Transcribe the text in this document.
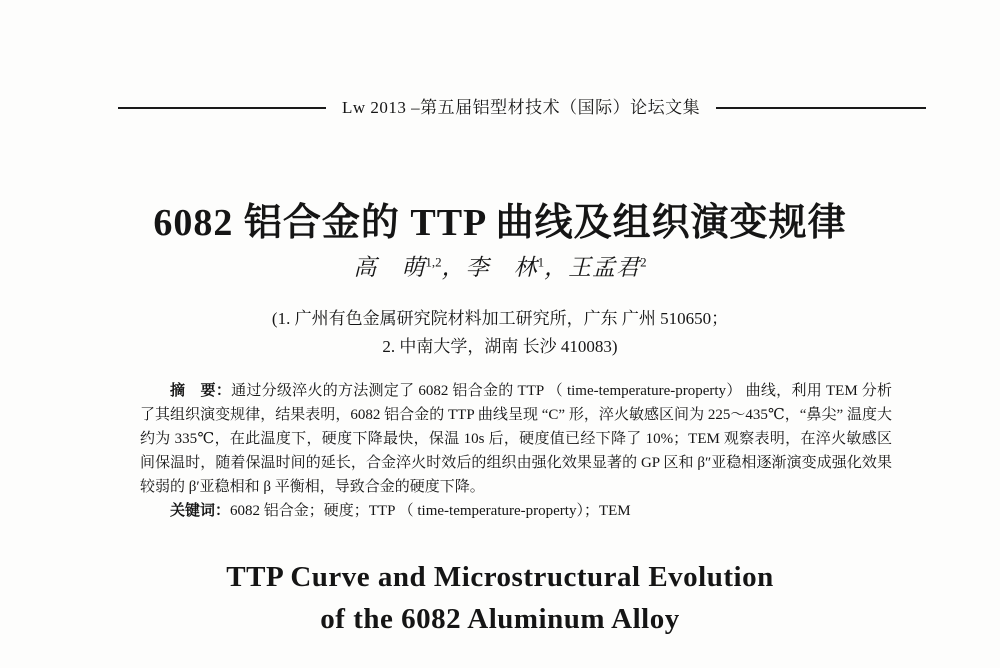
Lw 2013 –第五届铝型材技术（国际）论坛文集
6082 铝合金的 TTP 曲线及组织演变规律
高　萌$^{1,2}$，李　林$^1$，王孟君$^2$
(1. 广州有色金属研究院材料加工研究所，广东 广州 510650；
2. 中南大学，湖南 长沙 410083)

摘　要：通过分级淬火的方法测定了 6082 铝合金的 TTP （ time-temperature-property） 曲线，利用 TEM 分析了其组织演变规律，结果表明，6082 铝合金的 TTP 曲线呈现 “C” 形，淬火敏感区间为 225～435℃，“鼻尖” 温度大约为 335℃，在此温度下，硬度下降最快，保温 10s 后，硬度值已经下降了 10%；TEM 观察表明，在淬火敏感区间保温时，随着保温时间的延长，合金淬火时效后的组织由强化效果显著的 GP 区和 β″亚稳相逐渐演变成强化效果较弱的 β′亚稳相和 β 平衡相，导致合金的硬度下降。

关键词：6082 铝合金；硬度；TTP （ time-temperature-property）；TEM

TTP Curve and Microstructural Evolution
of the 6082 Aluminum Alloy
